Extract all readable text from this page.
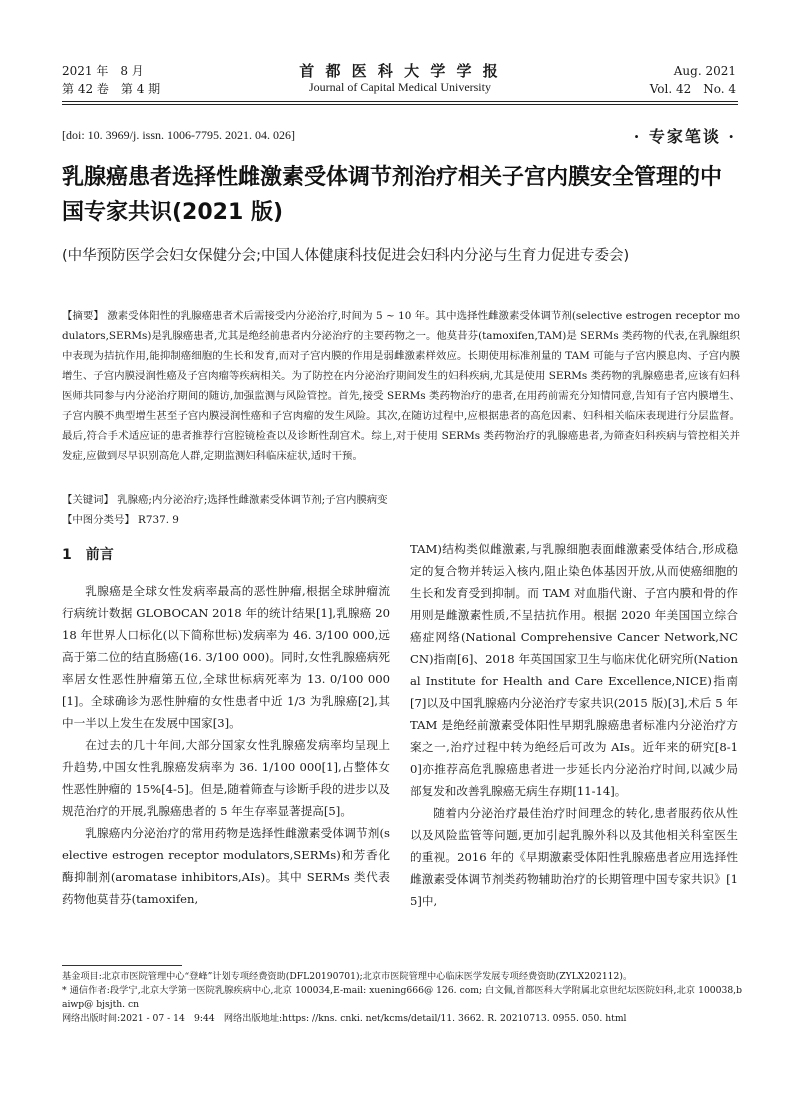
2021 年　8 月
第 42 卷　第 4 期
首 都 医 科 大 学 学 报
Journal of Capital Medical University
Aug. 2021
Vol. 42　No. 4
[doi: 10. 3969/j. issn. 1006-7795. 2021. 04. 026]	· 专家笔谈 ·
乳腺癌患者选择性雌激素受体调节剂治疗相关子宫内膜安全管理的中国专家共识(2021 版)
(中华预防医学会妇女保健分会;中国人体健康科技促进会妇科内分泌与生育力促进专委会)
【摘要】 激素受体阳性的乳腺癌患者术后需接受内分泌治疗,时间为 5 ~ 10 年。其中选择性雌激素受体调节剂(selective estrogen receptor modulators,SERMs)是乳腺癌患者,尤其是绝经前患者内分泌治疗的主要药物之一。他莫昔芬(tamoxifen,TAM)是 SERMs 类药物的代表,在乳腺组织中表现为拮抗作用,能抑制癌细胞的生长和发育,而对子宫内膜的作用是弱雌激素样效应。长期使用标准剂量的 TAM 可能与子宫内膜息肉、子宫内膜增生、子宫内膜浸润性癌及子宫肉瘤等疾病相关。为了防控在内分泌治疗期间发生的妇科疾病,尤其是使用 SERMs 类药物的乳腺癌患者,应该有妇科医师共同参与内分泌治疗期间的随访,加强监测与风险管控。首先,接受 SERMs 类药物治疗的患者,在用药前需充分知情同意,告知有子宫内膜增生、子宫内膜不典型增生甚至子宫内膜浸润性癌和子宫肉瘤的发生风险。其次,在随访过程中,应根据患者的高危因素、妇科相关临床表现进行分层监督。最后,符合手术适应证的患者推荐行宫腔镜检查以及诊断性刮宫术。综上,对于使用 SERMs 类药物治疗的乳腺癌患者,为筛查妇科疾病与管控相关并发症,应做到尽早识别高危人群,定期监测妇科临床症状,适时干预。
【关键词】 乳腺癌;内分泌治疗;选择性雌激素受体调节剂;子宫内膜病变
【中图分类号】 R737. 9
1　前言

乳腺癌是全球女性发病率最高的恶性肿瘤,根据全球肿瘤流行病统计数据 GLOBOCAN 2018 年的统计结果[1],乳腺癌 2018 年世界人口标化(以下简称世标)发病率为 46. 3/100 000,远高于第二位的结直肠癌(16. 3/100 000)。同时,女性乳腺癌病死率居女性恶性肿瘤第五位,全球世标病死率为 13. 0/100 000[1]。全球确诊为恶性肿瘤的女性患者中近 1/3 为乳腺癌[2],其中一半以上发生在发展中国家[3]。

在过去的几十年间,大部分国家女性乳腺癌发病率均呈现上升趋势,中国女性乳腺癌发病率为 36. 1/100 000[1],占整体女性恶性肿瘤的 15%[4-5]。但是,随着筛查与诊断手段的进步以及规范治疗的开展,乳腺癌患者的 5 年生存率显著提高[5]。

乳腺癌内分泌治疗的常用药物是选择性雌激素受体调节剂(selective estrogen receptor modulators,SERMs)和芳香化酶抑制剂(aromatase inhibitors,AIs)。其中 SERMs 类代表药物他莫昔芬(tamoxifen,

TAM)结构类似雌激素,与乳腺细胞表面雌激素受体结合,形成稳定的复合物并转运入核内,阻止染色体基因开放,从而使癌细胞的生长和发育受到抑制。而 TAM 对血脂代谢、子宫内膜和骨的作用则是雌激素性质,不呈拮抗作用。根据 2020 年美国国立综合癌症网络(National Comprehensive Cancer Network,NCCN)指南[6]、2018 年英国国家卫生与临床优化研究所(National Institute for Health and Care Excellence,NICE)指南[7]以及中国乳腺癌内分泌治疗专家共识(2015 版)[3],术后 5 年 TAM 是绝经前激素受体阳性早期乳腺癌患者标准内分泌治疗方案之一,治疗过程中转为绝经后可改为 AIs。近年来的研究[8-10]亦推荐高危乳腺癌患者进一步延长内分泌治疗时间,以减少局部复发和改善乳腺癌无病生存期[11-14]。

随着内分泌治疗最佳治疗时间理念的转化,患者服药依从性以及风险监管等问题,更加引起乳腺外科以及其他相关科室医生的重视。2016 年的《早期激素受体阳性乳腺癌患者应用选择性雌激素受体调节剂类药物辅助治疗的长期管理中国专家共识》[15]中,

基金项目:北京市医院管理中心“登峰”计划专项经费资助(DFL20190701);北京市医院管理中心临床医学发展专项经费资助(ZYLX202112)。
* 通信作者:段学宁,北京大学第一医院乳腺疾病中心,北京 100034,E-mail: xuening666@ 126. com; 白文佩,首都医科大学附属北京世纪坛医院妇科,北京 100038,baiwp@ bjsjth. cn
网络出版时间:2021 - 07 - 14　9:44　网络出版地址:https: //kns. cnki. net/kcms/detail/11. 3662. R. 20210713. 0955. 050. html
